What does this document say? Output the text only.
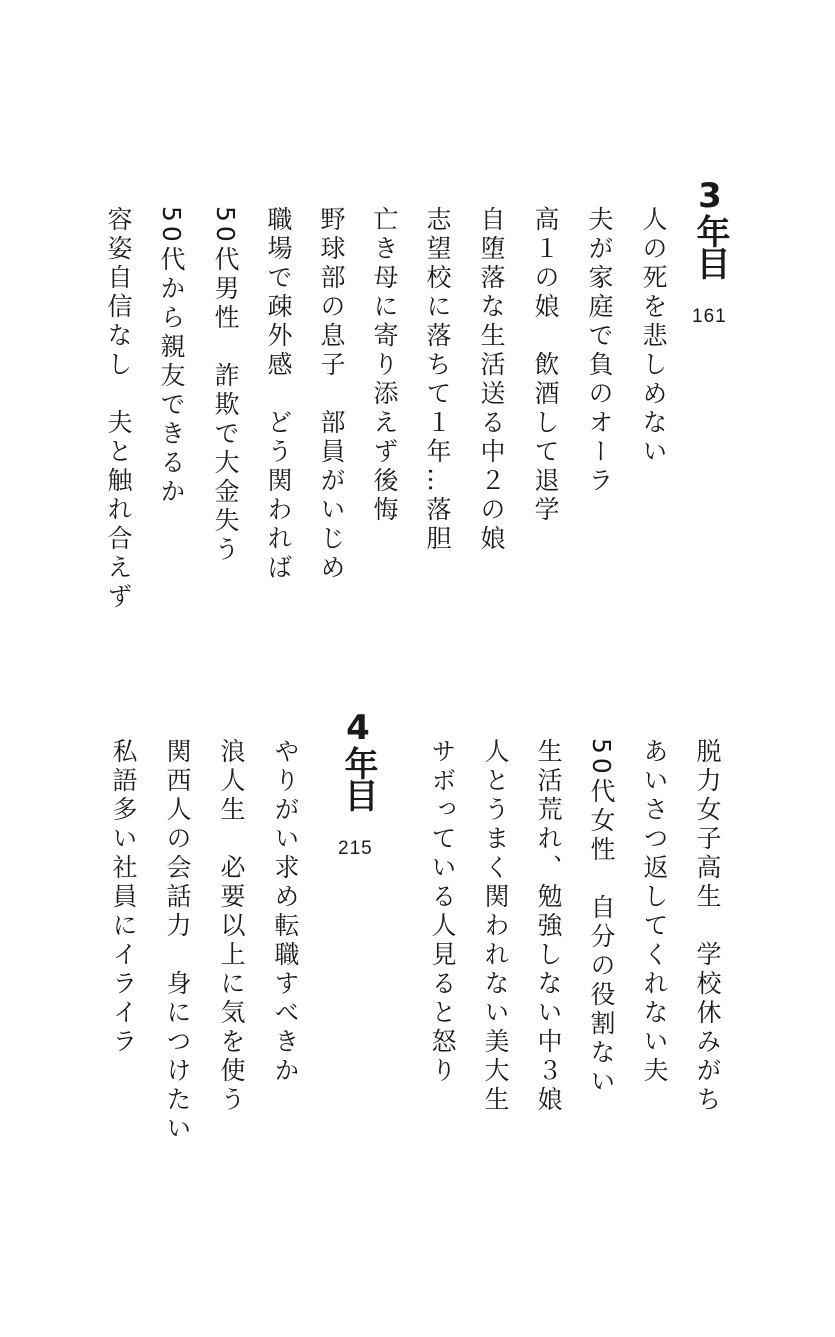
3年目
161
人の死を悲しめない
夫が家庭で負のオーラ
高１の娘　飲酒して退学
自堕落な生活送る中２の娘
志望校に落ちて１年…落胆
亡き母に寄り添えず後悔
野球部の息子　部員がいじめ
職場で疎外感　どう関われば
50代男性　詐欺で大金失う
50代から親友できるか
容姿自信なし　夫と触れ合えず
脱力女子高生　学校休みがち
あいさつ返してくれない夫
50代女性　自分の役割ない
生活荒れ、勉強しない中３娘
人とうまく関われない美大生
サボっている人見ると怒り
4年目
215
やりがい求め転職すべきか
浪人生　必要以上に気を使う
関西人の会話力　身につけたい
私語多い社員にイライラ
